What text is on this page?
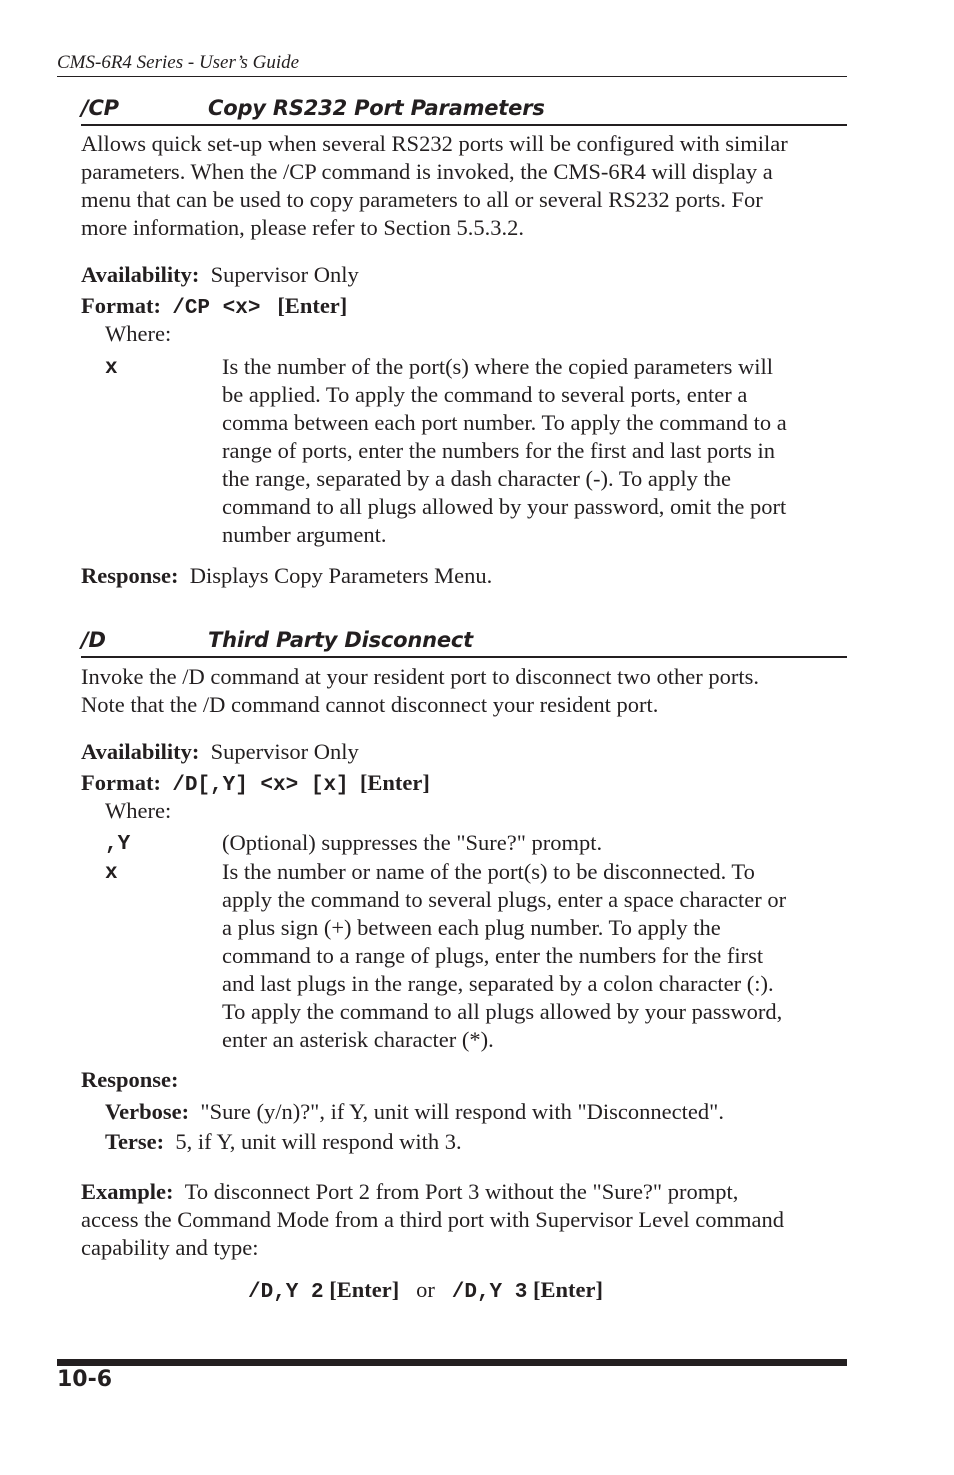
CMS-6R4 Series - User’s Guide
/CP	Copy RS232 Port Parameters
Allows quick set-up when several RS232 ports will be configured with similar
parameters. When the /CP command is invoked, the CMS-6R4 will display a
menu that can be used to copy parameters to all or several RS232 ports. For
more information, please refer to Section 5.5.3.2.
Availability: Supervisor Only
Format: /CP <x> [Enter]
Where:
x	Is the number of the port(s) where the copied parameters will
be applied. To apply the command to several ports, enter a
comma between each port number. To apply the command to a
range of ports, enter the numbers for the first and last ports in
the range, separated by a dash character (-). To apply the
command to all plugs allowed by your password, omit the port
number argument.
Response: Displays Copy Parameters Menu.
/D	Third Party Disconnect
Invoke the /D command at your resident port to disconnect two other ports.
Note that the /D command cannot disconnect your resident port.
Availability: Supervisor Only
Format: /D[,Y] <x> [x] [Enter]
Where:
,Y	(Optional) suppresses the "Sure?" prompt.
x	Is the number or name of the port(s) to be disconnected. To
apply the command to several plugs, enter a space character or
a plus sign (+) between each plug number. To apply the
command to a range of plugs, enter the numbers for the first
and last plugs in the range, separated by a colon character (:).
To apply the command to all plugs allowed by your password,
enter an asterisk character (*).
Response:
Verbose: "Sure (y/n)?", if Y, unit will respond with "Disconnected".
Terse: 5, if Y, unit will respond with 3.
Example: To disconnect Port 2 from Port 3 without the "Sure?" prompt,
access the Command Mode from a third port with Supervisor Level command
capability and type:
/D,Y 2 [Enter] or /D,Y 3 [Enter]
10-6
